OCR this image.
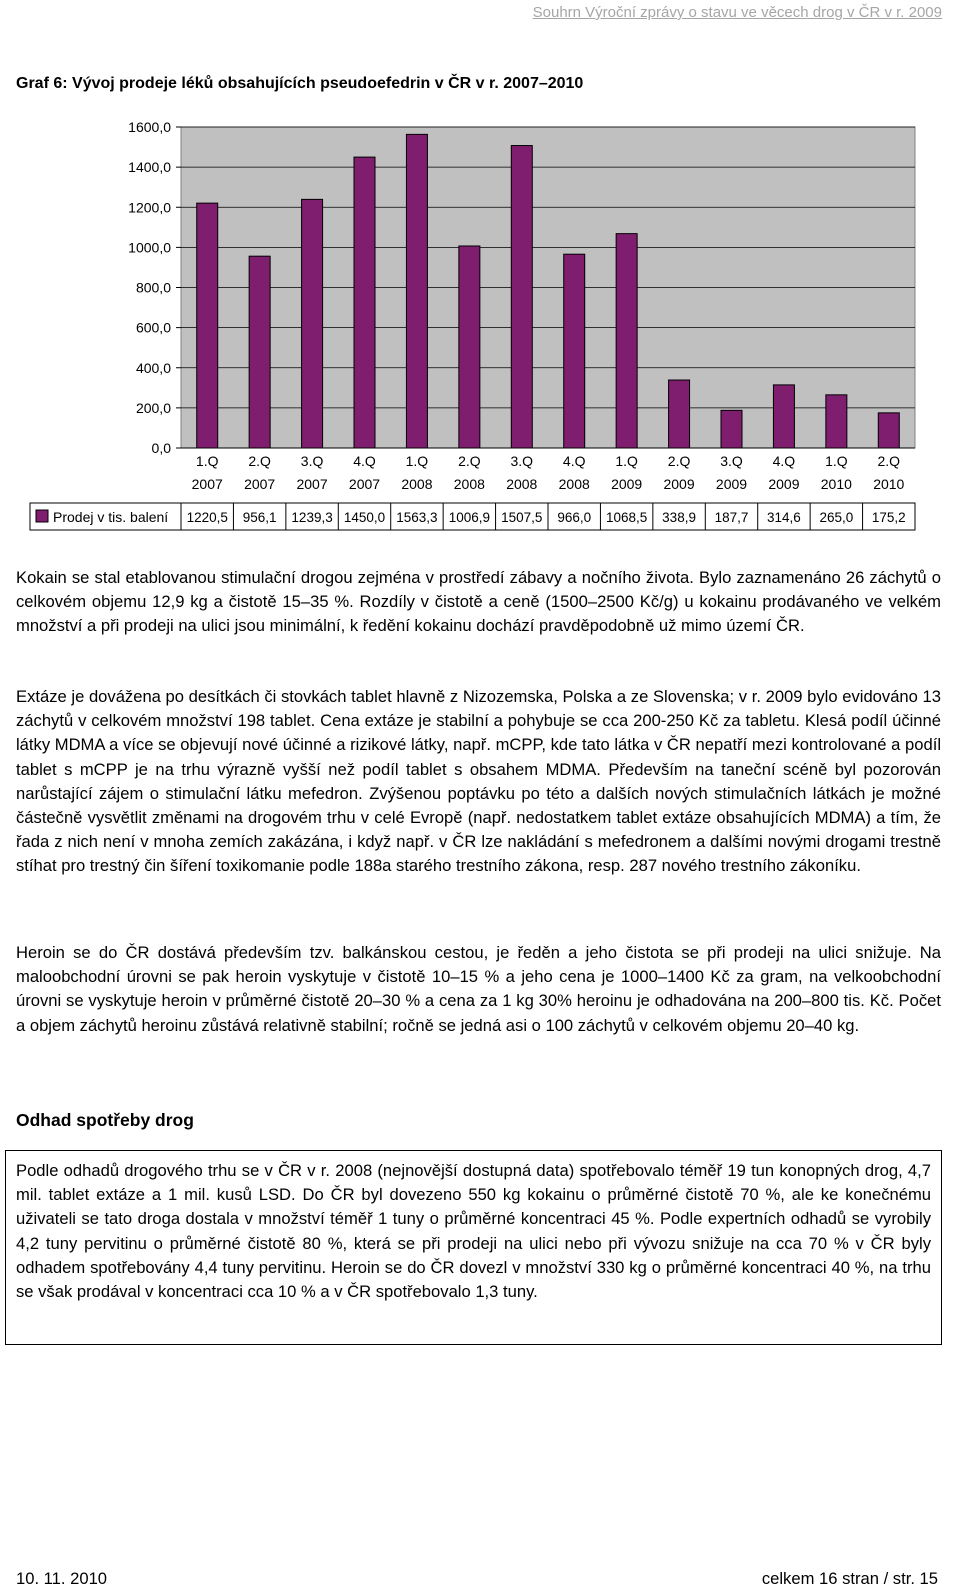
Souhrn Výroční zprávy o stavu ve věcech drog v ČR v r. 2009
Graf 6: Vývoj prodeje léků obsahujících pseudoefedrin v ČR v r. 2007–2010
0,0
200,0
400,0
600,0
800,0
1000,0
1200,0
1400,0
1600,0
1.Q
2007
2.Q
2007
3.Q
2007
4.Q
2007
1.Q
2008
2.Q
2008
3.Q
2008
4.Q
2008
1.Q
2009
2.Q
2009
3.Q
2009
4.Q
2009
1.Q
2010
2.Q
2010
Prodej v tis. balení 1220,5 956,1 1239,3 1450,0 1563,3 1006,9 1507,5 966,0 1068,5 338,9 187,7 314,6 265,0 175,2

Kokain se stal etablovanou stimulační drogou zejména v prostředí zábavy a nočního života. Bylo zaznamenáno 26 záchytů o celkovém objemu 12,9 kg a čistotě 15–35 %. Rozdíly v čistotě a ceně (1500–2500 Kč/g) u kokainu prodávaného ve velkém množství a při prodeji na ulici jsou minimální, k ředění kokainu dochází pravděpodobně už mimo území ČR.

Extáze je dovážena po desítkách či stovkách tablet hlavně z Nizozemska, Polska a ze Slovenska; v r. 2009 bylo evidováno 13 záchytů v celkovém množství 198 tablet. Cena extáze je stabilní a pohybuje se cca 200-250 Kč za tabletu. Klesá podíl účinné látky MDMA a více se objevují nové účinné a rizikové látky, např. mCPP, kde tato látka v ČR nepatří mezi kontrolované a podíl tablet s mCPP je na trhu výrazně vyšší než podíl tablet s obsahem MDMA. Především na taneční scéně byl pozorován narůstající zájem o stimulační látku mefedron. Zvýšenou poptávku po této a dalších nových stimulačních látkách je možné částečně vysvětlit změnami na drogovém trhu v celé Evropě (např. nedostatkem tablet extáze obsahujících MDMA) a tím, že řada z nich není v mnoha zemích zakázána, i když např. v ČR lze nakládání s mefedronem a dalšími novými drogami trestně stíhat pro trestný čin šíření toxikomanie podle 188a starého trestního zákona, resp. 287 nového trestního zákoníku.

Heroin se do ČR dostává především tzv. balkánskou cestou, je ředěn a jeho čistota se při prodeji na ulici snižuje. Na maloobchodní úrovni se pak heroin vyskytuje v čistotě 10–15 % a jeho cena je 1000–1400 Kč za gram, na velkoobchodní úrovni se vyskytuje heroin v průměrné čistotě 20–30 % a cena za 1 kg 30% heroinu je odhadována na 200–800 tis. Kč. Počet a objem záchytů heroinu zůstává relativně stabilní; ročně se jedná asi o 100 záchytů v celkovém objemu 20–40 kg.

Odhad spotřeby drog

Podle odhadů drogového trhu se v ČR v r. 2008 (nejnovější dostupná data) spotřebovalo téměř 19 tun konopných drog, 4,7 mil. tablet extáze a 1 mil. kusů LSD. Do ČR byl dovezeno 550 kg kokainu o průměrné čistotě 70 %, ale ke konečnému uživateli se tato droga dostala v množství téměř 1 tuny o průměrné koncentraci 45 %. Podle expertních odhadů se vyrobily 4,2 tuny pervitinu o průměrné čistotě 80 %, která se při prodeji na ulici nebo při vývozu snižuje na cca 70 % v ČR byly odhadem spotřebovány 4,4 tuny pervitinu. Heroin se do ČR dovezl v množství 330 kg o průměrné koncentraci 40 %, na trhu se však prodával v koncentraci cca 10 % a v ČR spotřebovalo 1,3 tuny.

10. 11. 2010	celkem 16 stran / str. 15
